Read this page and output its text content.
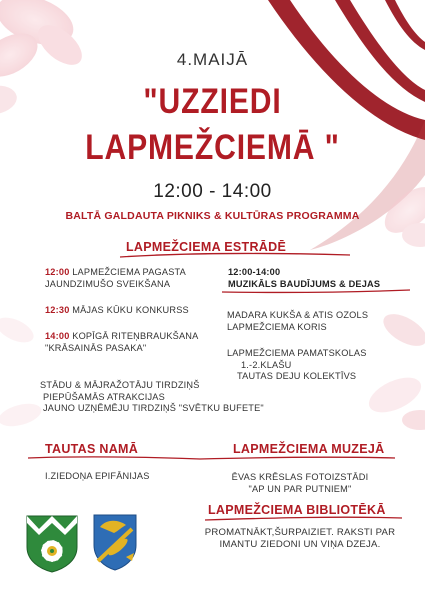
4.MAIJĀ
"UZZIEDI
LAPMEŽCIEMĀ "
12:00 - 14:00
BALTĀ GALDAUTA PIKNIKS & KULTŪRAS PROGRAMMA
LAPMEŽCIEMA ESTRĀDĒ
12:00 LAPMEŽCIEMA PAGASTA
JAUNDZIMUŠO SVEIKŠANA
12:30 MĀJAS KŪKU KONKURSS
14:00 KOPĪGĀ RITEŅBRAUKŠANA
"KRĀSAINĀS PASAKA"
12:00-14:00
MUZIKĀLS BAUDĪJUMS & DEJAS
MADARA KUKŠA & ATIS OZOLS
LAPMEŽCIEMA KORIS
LAPMEŽCIEMA PAMATSKOLAS
1.-2.KLAŠU
TAUTAS DEJU KOLEKTĪVS
STĀDU & MĀJRAŽOTĀJU TIRDZIŅŠ
PIEPŪŠAMĀS ATRAKCIJAS
JAUNO UZŅĒMĒJU TIRDZIŅŠ "SVĒTKU BUFETE"
TAUTAS NAMĀ
I.ZIEDOŅA EPIFĀNIJAS
LAPMEŽCIEMA MUZEJĀ
ĒVAS KRĒSLAS FOTOIZSTĀDI
"AP UN PAR PUTNIEM"
LAPMEŽCIEMA BIBLIOTĒKĀ
PROMATNĀKT,ŠURPAIZIET. RAKSTI PAR
IMANTU ZIEDONI UN VIŅA DZEJA.
